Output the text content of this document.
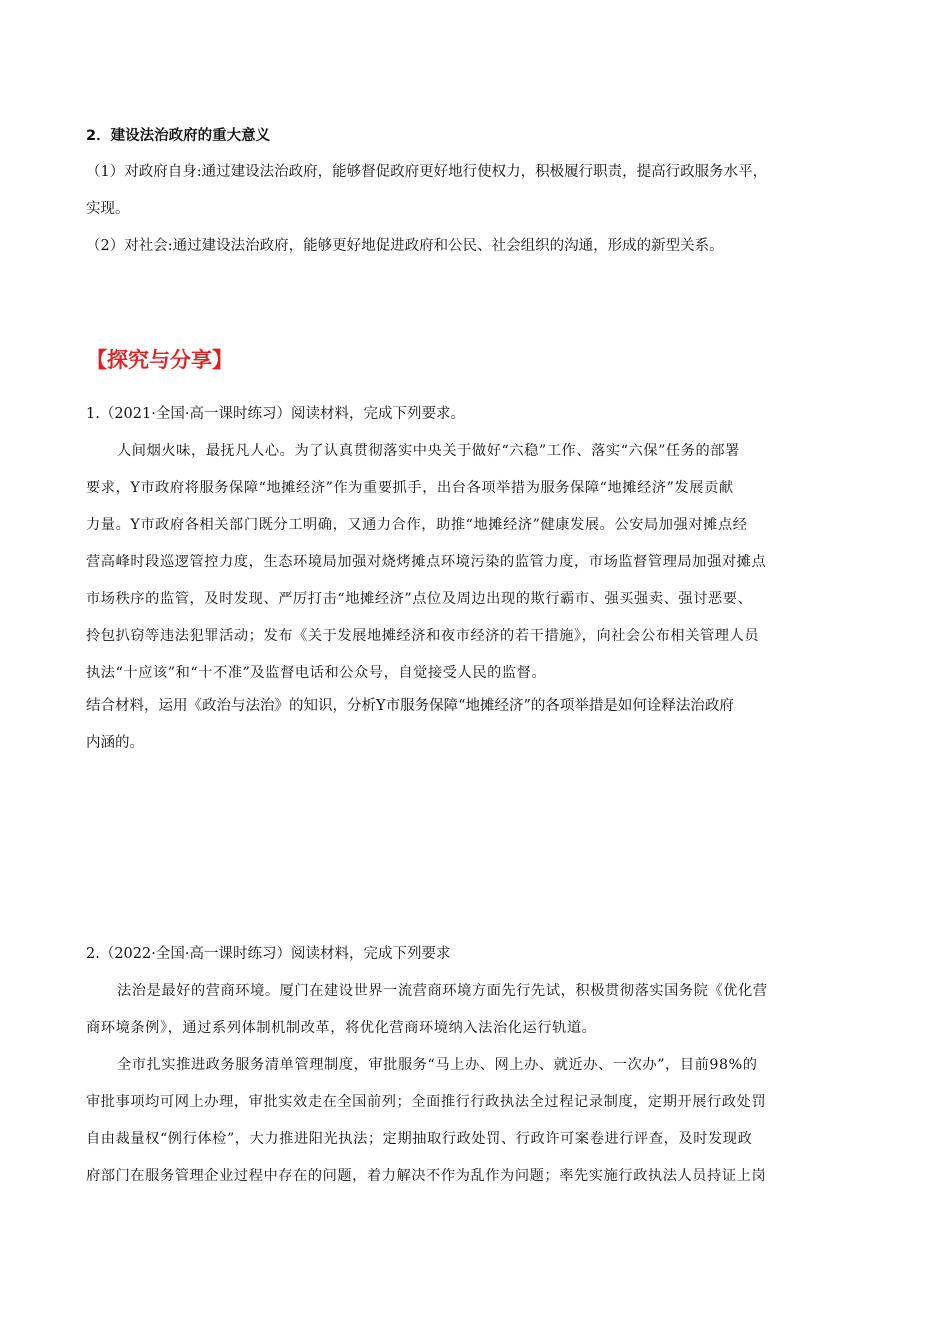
2．建设法治政府的重大意义
（1）对政府自身:通过建设法治政府，能够督促政府更好地行使权力，积极履行职责，提高行政服务水平，
实现。
（2）对社会:通过建设法治政府，能够更好地促进政府和公民、社会组织的沟通，形成的新型关系。
【探究与分享】
1.（2021·全国·高一课时练习）阅读材料，完成下列要求。
人间烟火味，最抚凡人心。为了认真贯彻落实中央关于做好“六稳”工作、落实“六保”任务的部署
要求，Y市政府将服务保障“地摊经济”作为重要抓手，出台各项举措为服务保障“地摊经济”发展贡献
力量。Y市政府各相关部门既分工明确，又通力合作，助推“地摊经济”健康发展。公安局加强对摊点经
营高峰时段巡逻管控力度，生态环境局加强对烧烤摊点环境污染的监管力度，市场监督管理局加强对摊点
市场秩序的监管，及时发现、严厉打击“地摊经济”点位及周边出现的欺行霸市、强买强卖、强讨恶要、
拎包扒窃等违法犯罪活动；发布《关于发展地摊经济和夜市经济的若干措施》，向社会公布相关管理人员
执法“十应该”和“十不准”及监督电话和公众号，自觉接受人民的监督。
结合材料，运用《政治与法治》的知识，分析Y市服务保障“地摊经济”的各项举措是如何诠释法治政府
内涵的。
2.（2022·全国·高一课时练习）阅读材料，完成下列要求
法治是最好的营商环境。厦门在建设世界一流营商环境方面先行先试，积极贯彻落实国务院《优化营
商环境条例》，通过系列体制机制改革，将优化营商环境纳入法治化运行轨道。
全市扎实推进政务服务清单管理制度，审批服务“马上办、网上办、就近办、一次办”，目前98%的
审批事项均可网上办理，审批实效走在全国前列；全面推行行政执法全过程记录制度，定期开展行政处罚
自由裁量权“例行体检”，大力推进阳光执法；定期抽取行政处罚、行政许可案卷进行评查，及时发现政
府部门在服务管理企业过程中存在的问题，着力解决不作为乱作为问题；率先实施行政执法人员持证上岗
